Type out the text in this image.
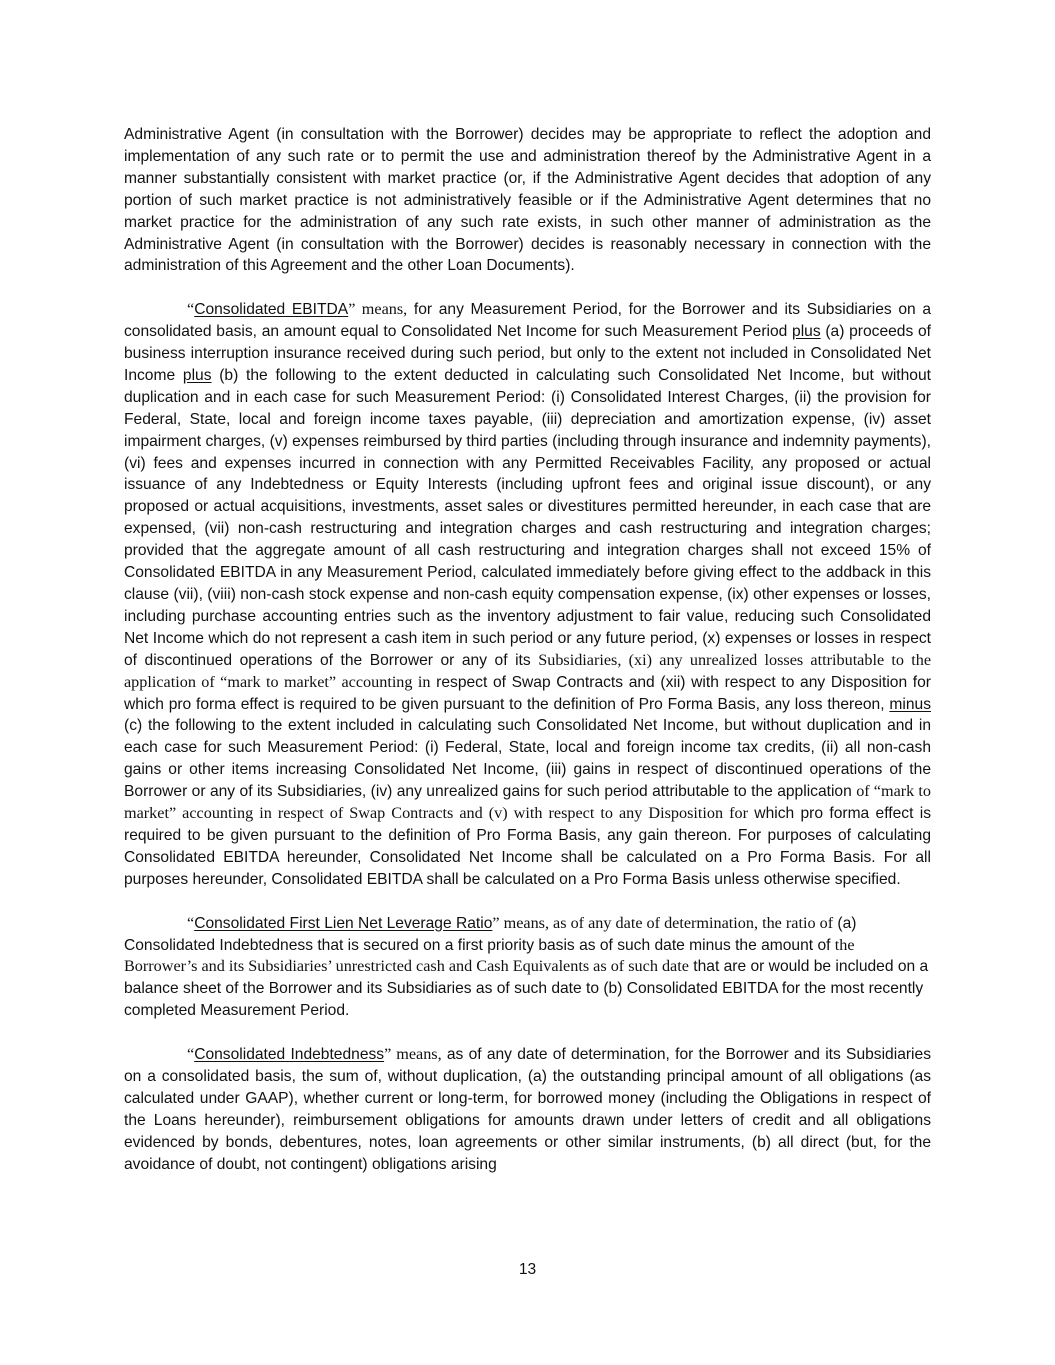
Administrative Agent (in consultation with the Borrower) decides may be appropriate to reflect the adoption and implementation of any such rate or to permit the use and administration thereof by the Administrative Agent in a manner substantially consistent with market practice (or, if the Administrative Agent decides that adoption of any portion of such market practice is not administratively feasible or if the Administrative Agent determines that no market practice for the administration of any such rate exists, in such other manner of administration as the Administrative Agent (in consultation with the Borrower) decides is reasonably necessary in connection with the administration of this Agreement and the other Loan Documents).

“Consolidated EBITDA” means, for any Measurement Period, for the Borrower and its Subsidiaries on a consolidated basis, an amount equal to Consolidated Net Income for such Measurement Period plus (a) proceeds of business interruption insurance received during such period, but only to the extent not included in Consolidated Net Income plus (b) the following to the extent deducted in calculating such Consolidated Net Income, but without duplication and in each case for such Measurement Period: (i) Consolidated Interest Charges, (ii) the provision for Federal, State, local and foreign income taxes payable, (iii) depreciation and amortization expense, (iv) asset impairment charges, (v) expenses reimbursed by third parties (including through insurance and indemnity payments), (vi) fees and expenses incurred in connection with any Permitted Receivables Facility, any proposed or actual issuance of any Indebtedness or Equity Interests (including upfront fees and original issue discount), or any proposed or actual acquisitions, investments, asset sales or divestitures permitted hereunder, in each case that are expensed, (vii) non-cash restructuring and integration charges and cash restructuring and integration charges; provided that the aggregate amount of all cash restructuring and integration charges shall not exceed 15% of Consolidated EBITDA in any Measurement Period, calculated immediately before giving effect to the addback in this clause (vii), (viii) non-cash stock expense and non-cash equity compensation expense, (ix) other expenses or losses, including purchase accounting entries such as the inventory adjustment to fair value, reducing such Consolidated Net Income which do not represent a cash item in such period or any future period, (x) expenses or losses in respect of discontinued operations of the Borrower or any of its Subsidiaries, (xi) any unrealized losses attributable to the application of “mark to market” accounting in respect of Swap Contracts and (xii) with respect to any Disposition for which pro forma effect is required to be given pursuant to the definition of Pro Forma Basis, any loss thereon, minus (c) the following to the extent included in calculating such Consolidated Net Income, but without duplication and in each case for such Measurement Period: (i) Federal, State, local and foreign income tax credits, (ii) all non-cash gains or other items increasing Consolidated Net Income, (iii) gains in respect of discontinued operations of the Borrower or any of its Subsidiaries, (iv) any unrealized gains for such period attributable to the application of “mark to market” accounting in respect of Swap Contracts and (v) with respect to any Disposition for which pro forma effect is required to be given pursuant to the definition of Pro Forma Basis, any gain thereon. For purposes of calculating Consolidated EBITDA hereunder, Consolidated Net Income shall be calculated on a Pro Forma Basis. For all purposes hereunder, Consolidated EBITDA shall be calculated on a Pro Forma Basis unless otherwise specified.

“Consolidated First Lien Net Leverage Ratio” means, as of any date of determination, the ratio of (a) Consolidated Indebtedness that is secured on a first priority basis as of such date minus the amount of the Borrower’s and its Subsidiaries’ unrestricted cash and Cash Equivalents as of such date that are or would be included on a balance sheet of the Borrower and its Subsidiaries as of such date to (b) Consolidated EBITDA for the most recently completed Measurement Period.

“Consolidated Indebtedness” means, as of any date of determination, for the Borrower and its Subsidiaries on a consolidated basis, the sum of, without duplication, (a) the outstanding principal amount of all obligations (as calculated under GAAP), whether current or long-term, for borrowed money (including the Obligations in respect of the Loans hereunder), reimbursement obligations for amounts drawn under letters of credit and all obligations evidenced by bonds, debentures, notes, loan agreements or other similar instruments, (b) all direct (but, for the avoidance of doubt, not contingent) obligations arising

13
